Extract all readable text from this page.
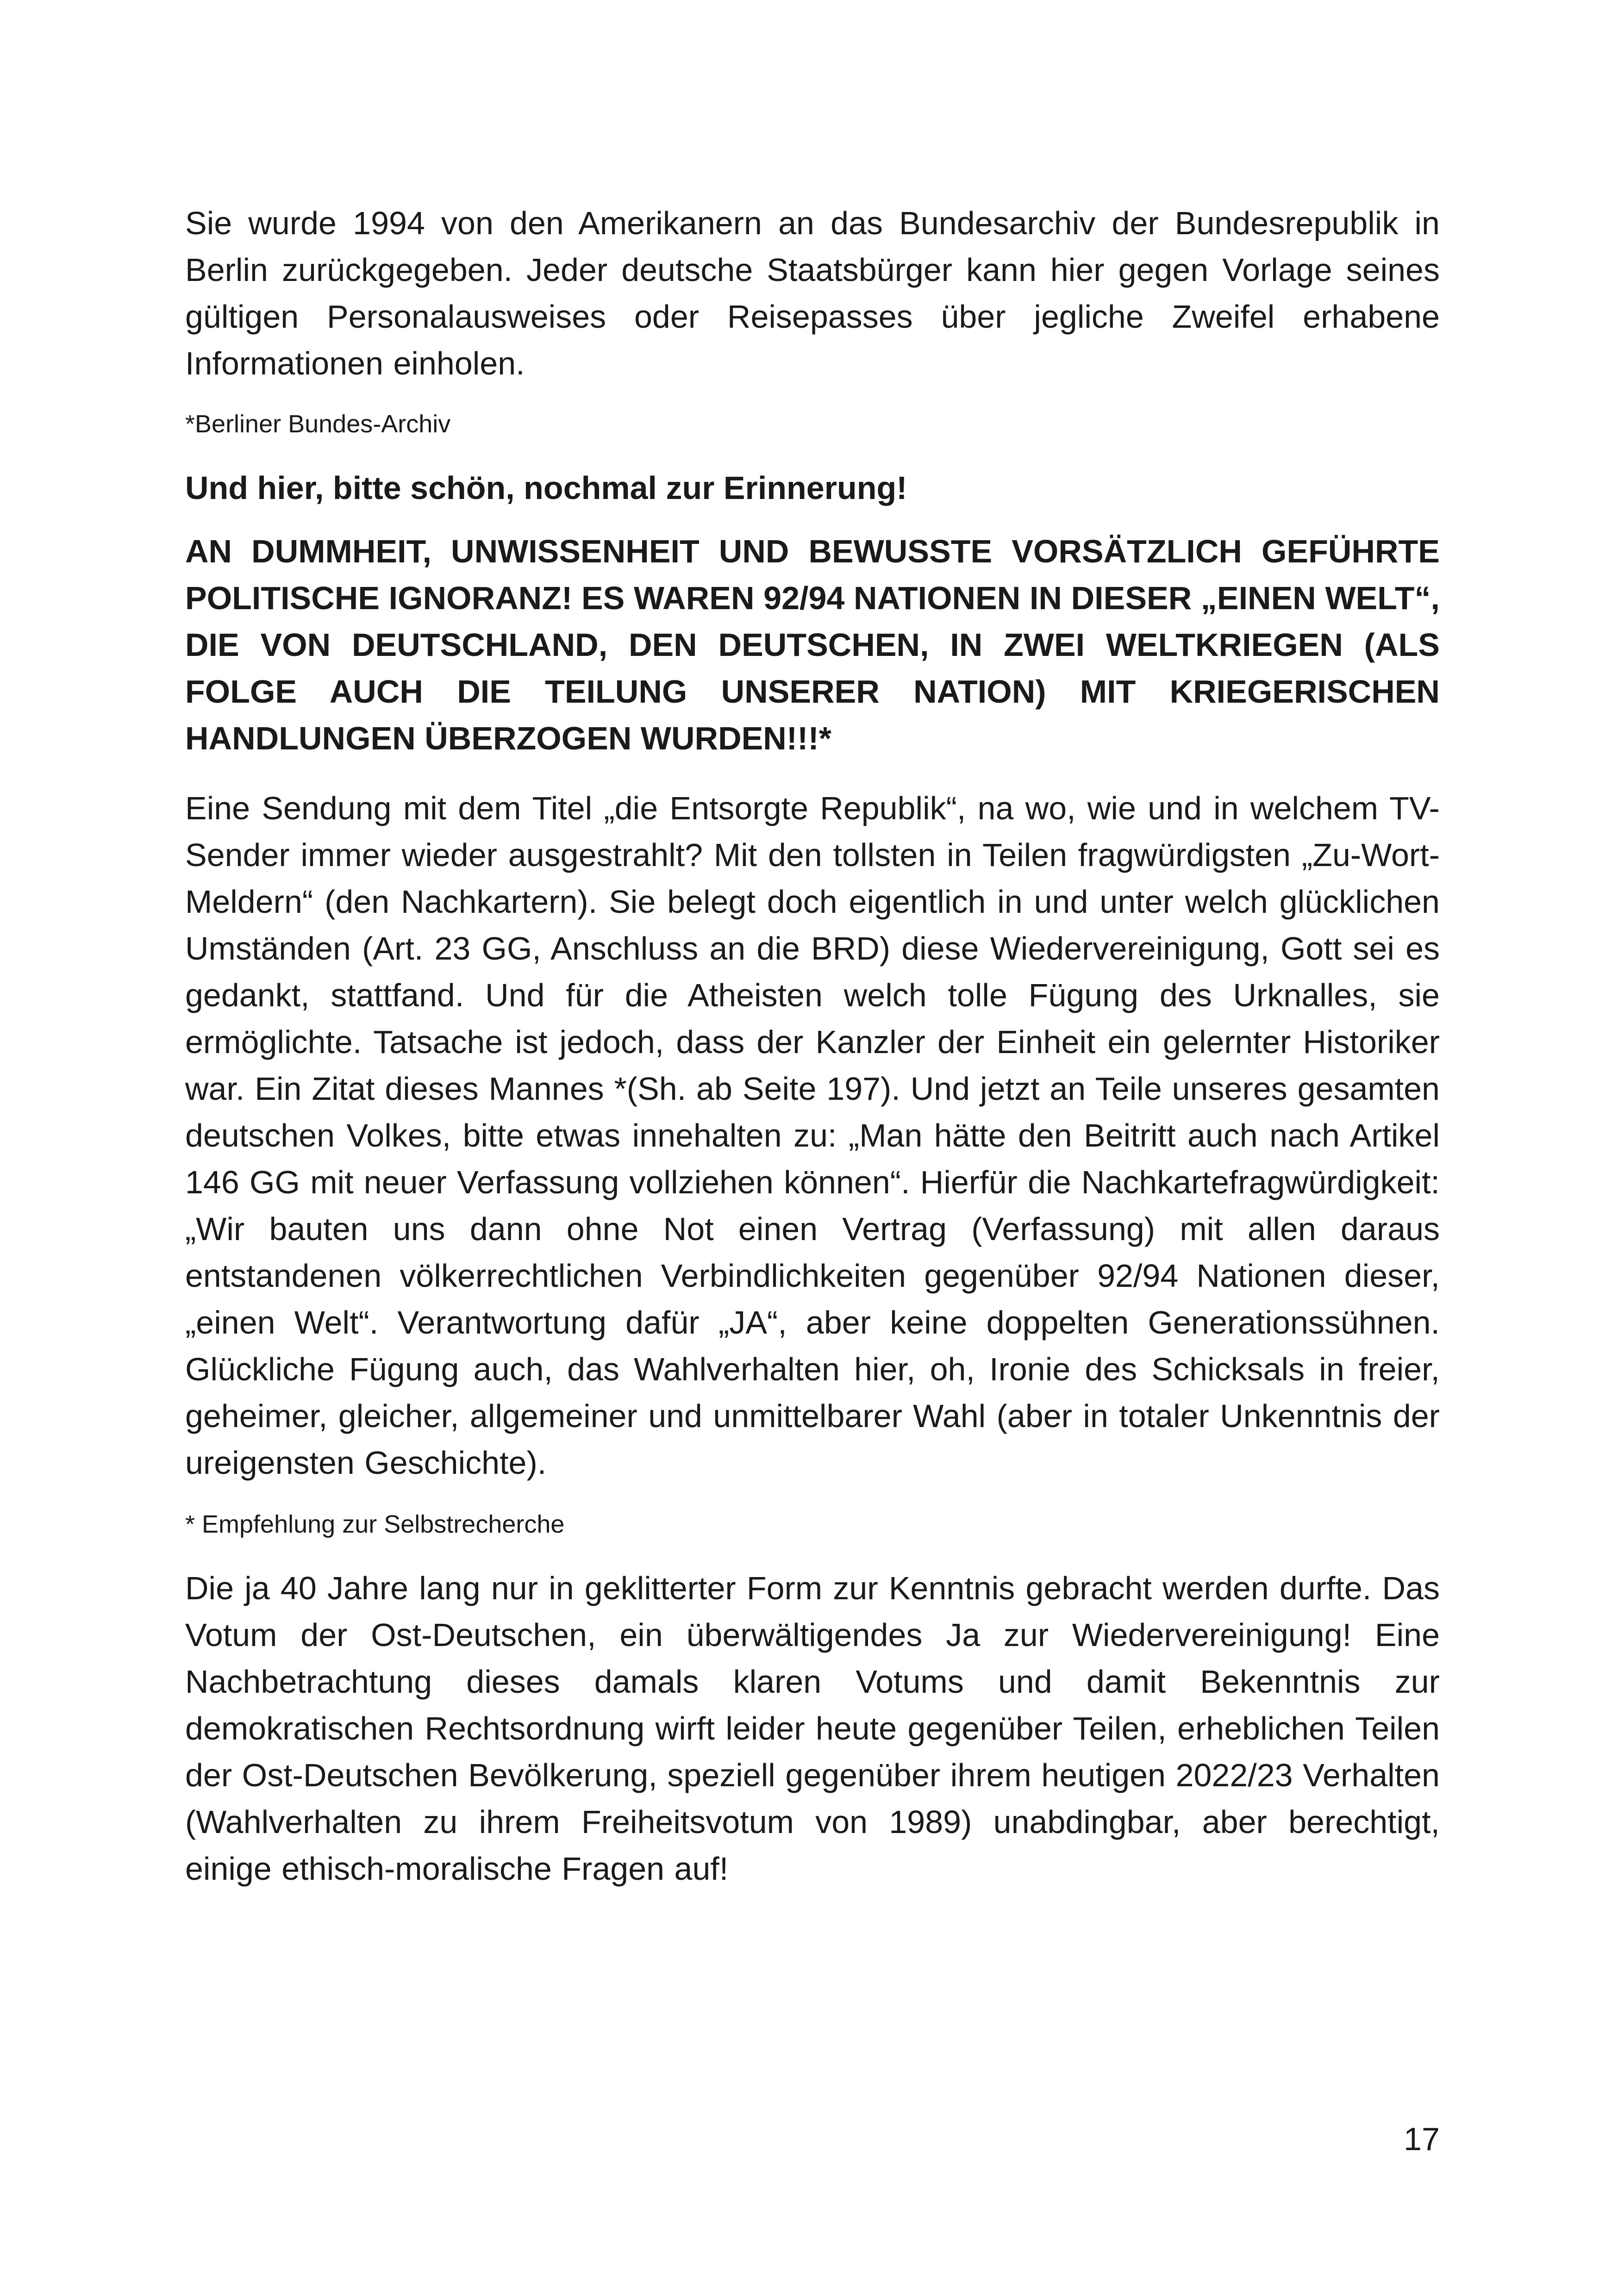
Sie wurde 1994 von den Amerikanern an das Bundesarchiv der Bundesrepublik in Berlin zurückgegeben. Jeder deutsche Staatsbürger kann hier gegen Vorlage seines gültigen Personalausweises oder Reisepasses über jegliche Zweifel erhabene Informationen einholen.

*Berliner Bundes-Archiv

Und hier, bitte schön, nochmal zur Erinnerung!

AN DUMMHEIT, UNWISSENHEIT UND BEWUSSTE VORSÄTZLICH GEFÜHRTE POLITISCHE IGNORANZ! ES WAREN 92/94 NATIONEN IN DIESER „EINEN WELT“, DIE VON DEUTSCHLAND, DEN DEUTSCHEN, IN ZWEI WELTKRIEGEN (ALS FOLGE AUCH DIE TEILUNG UNSERER NATION) MIT KRIEGERISCHEN HANDLUNGEN ÜBERZOGEN WURDEN!!!*

Eine Sendung mit dem Titel „die Entsorgte Republik“, na wo, wie und in welchem TV-Sender immer wieder ausgestrahlt? Mit den tollsten in Teilen fragwürdigsten „Zu-Wort-Meldern“ (den Nachkartern). Sie belegt doch eigentlich in und unter welch glücklichen Umständen (Art. 23 GG, Anschluss an die BRD) diese Wiedervereinigung, Gott sei es gedankt, stattfand. Und für die Atheisten welch tolle Fügung des Urknalles, sie ermöglichte. Tatsache ist jedoch, dass der Kanzler der Einheit ein gelernter Historiker war. Ein Zitat dieses Mannes *(Sh. ab Seite 197). Und jetzt an Teile unseres gesamten deutschen Volkes, bitte etwas innehalten zu: „Man hätte den Beitritt auch nach Artikel 146 GG mit neuer Verfassung vollziehen können“. Hierfür die Nachkartefragwürdigkeit: „Wir bauten uns dann ohne Not einen Vertrag (Verfassung) mit allen daraus entstandenen völkerrechtlichen Verbindlichkeiten gegenüber 92/94 Nationen dieser, „einen Welt“. Verantwortung dafür „JA“, aber keine doppelten Generationssühnen. Glückliche Fügung auch, das Wahlverhalten hier, oh, Ironie des Schicksals in freier, geheimer, gleicher, allgemeiner und unmittelbarer Wahl (aber in totaler Unkenntnis der ureigensten Geschichte).

* Empfehlung zur Selbstrecherche

Die ja 40 Jahre lang nur in geklitterter Form zur Kenntnis gebracht werden durfte. Das Votum der Ost-Deutschen, ein überwältigendes Ja zur Wiedervereinigung! Eine Nachbetrachtung dieses damals klaren Votums und damit Bekenntnis zur demokratischen Rechtsordnung wirft leider heute gegenüber Teilen, erheblichen Teilen der Ost-Deutschen Bevölkerung, speziell gegenüber ihrem heutigen 2022/23 Verhalten (Wahlverhalten zu ihrem Freiheitsvotum von 1989) unabdingbar, aber berechtigt, einige ethisch-moralische Fragen auf!

17
